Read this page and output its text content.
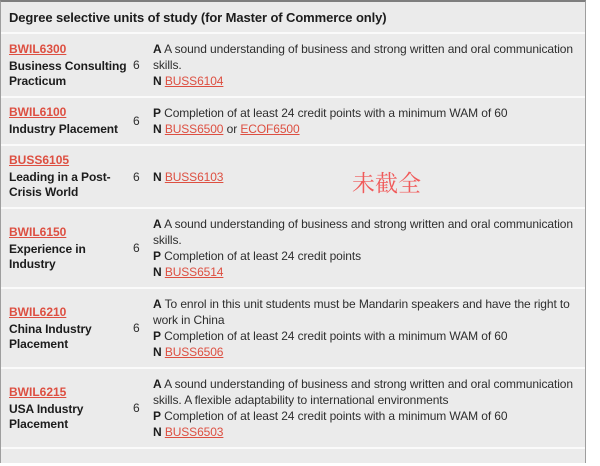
Degree selective units of study (for Master of Commerce only)
BWIL6300
Business Consulting Practicum
6
A A sound understanding of business and strong written and oral communication skills.
N BUSS6104
BWIL6100
Industry Placement
6
P Completion of at least 24 credit points with a minimum WAM of 60
N BUSS6500 or ECOF6500
BUSS6105
Leading in a Post-Crisis World
6	N BUSS6103
BWIL6150
Experience in Industry
6
A A sound understanding of business and strong written and oral communication skills.
P Completion of at least 24 credit points
N BUSS6514
BWIL6210
China Industry Placement
6
A To enrol in this unit students must be Mandarin speakers and have the right to work in China
P Completion of at least 24 credit points with a minimum WAM of 60
N BUSS6506
BWIL6215
USA Industry Placement
6
A A sound understanding of business and strong written and oral communication skills. A flexible adaptability to international environments
P Completion of at least 24 credit points with a minimum WAM of 60
N BUSS6503
未截全
